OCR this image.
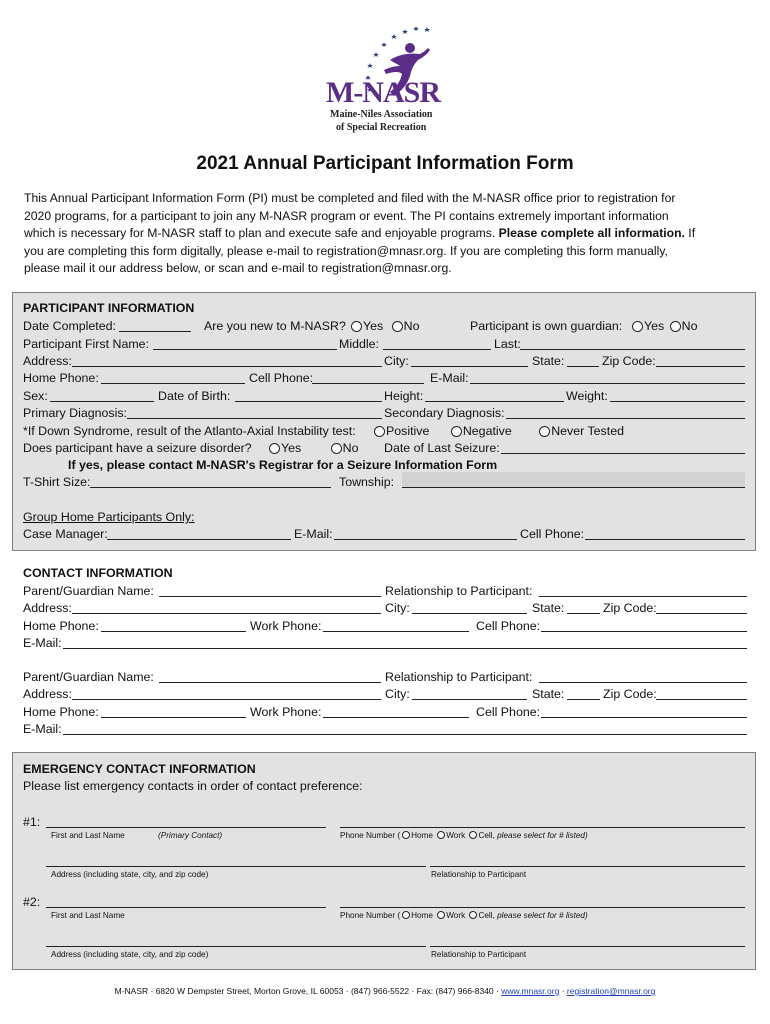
M-NASR
Maine-Niles Association
of Special Recreation
2021 Annual Participant Information Form

This Annual Participant Information Form (PI) must be completed and filed with the M-NASR office prior to registration for

2020 programs, for a participant to join any M-NASR program or event. The PI contains extremely important information

which is necessary for M-NASR staff to plan and execute safe and enjoyable programs. Please complete all information. If

you are completing this form digitally, please e-mail to registration@mnasr.org. If you are completing this form manually,

please mail it our address below, or scan and e-mail to registration@mnasr.org.

PARTICIPANT INFORMATION
Date Completed:	Are you new to M-NASR?	Yes No	Participant is own guardian:	Yes No
Participant First Name:	Middle:	Last:
Address:	City:	State:	Zip Code:
Home Phone:	Cell Phone:	E-Mail:
Sex:	Date of Birth:	Height:	Weight:
Primary Diagnosis:	Secondary Diagnosis:
*If Down Syndrome, result of the Atlanto-Axial Instability test:	Positive	Negative	Never Tested
Does participant have a seizure disorder?	Yes	No Date of Last Seizure:
If yes, please contact M-NASR's Registrar for a Seizure Information Form
T-Shirt Size:	Township:
Group Home Participants Only:
Case Manager:	E-Mail:	Cell Phone:
CONTACT INFORMATION
Parent/Guardian Name:	Relationship to Participant:
Address:	City:	State:	Zip Code:
Home Phone:	Work Phone:	Cell Phone:
E-Mail:
Parent/Guardian Name:	Relationship to Participant:
Address:	City:	State:	Zip Code:
Home Phone:	Work Phone:	Cell Phone:
E-Mail:
EMERGENCY CONTACT INFORMATION
Please list emergency contacts in order of contact preference:
#1:
First and Last Name	(Primary Contact)	Phone Number ( Home Work Cell, please select for # listed)
Address (including state, city, and zip code)	Relationship to Participant
#2:
First and Last Name	Phone Number ( Home Work Cell, please select for # listed)
Address (including state, city, and zip code)	Relationship to Participant
M-NASR · 6820 W Dempster Street, Morton Grove, IL 60053 · (847) 966-5522 · Fax: (847) 966-8340 · www.mnasr.org · registration@mnasr.org
